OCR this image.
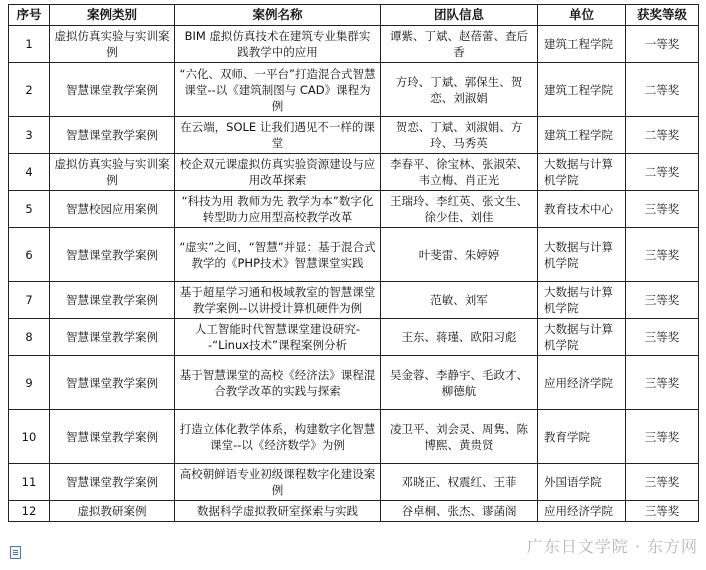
序号	案例类别	案例名称	团队信息	单位	获奖等级
1	虚拟仿真实验与实训案例	BIM 虚拟仿真技术在建筑专业集群实践教学中的应用	谭紫、丁斌、赵蓓蕾、查后香	建筑工程学院	一等奖
2	智慧课堂教学案例	“六化、双师、一平台”打造混合式智慧课堂--以《建筑制图与 CAD》课程为例	方玲、丁斌、郭保生、贺恋、刘淑娟	建筑工程学院	二等奖
3	智慧课堂教学案例	在云端，SOLE 让我们遇见不一样的课堂	贺恋、丁斌、刘淑娟、方玲、马秀英	建筑工程学院	二等奖
4	虚拟仿真实验与实训案例	校企双元课虚拟仿真实验资源建设与应用改革探索	李春平、徐宝林、张淑荣、韦立梅、肖正光	大数据与计算机学院	二等奖
5	智慧校园应用案例	“科技为用 教师为先 教学为本”数字化转型助力应用型高校教学改革	王瑞玲、李红英、张文生、徐少佳、刘佳	教育技术中心	三等奖
6	智慧课堂教学案例	“虚实”之间，“智慧”并显：基于混合式教学的《PHP技术》智慧课堂实践	叶斐雷、朱婷婷	大数据与计算机学院	三等奖
7	智慧课堂教学案例	基于超星学习通和极域教室的智慧课堂教学案例--以讲授计算机硬件为例	范敏、刘军	大数据与计算机学院	三等奖
8	智慧课堂教学案例	人工智能时代智慧课堂建设研究--“Linux技术”课程案例分析	王东、蒋瑾、欧阳习彪	大数据与计算机学院	三等奖
9	智慧课堂教学案例	基于智慧课堂的高校《经济法》课程混合教学改革的实践与探索	吴金蓉、李静宇、毛政才、柳德航	应用经济学院	三等奖
10	智慧课堂教学案例	打造立体化教学体系，构建数字化智慧课堂--以《经济数学》为例	凌卫平、刘会灵、周隽、陈博熙、黄贵贤	教育学院	三等奖
11	智慧课堂教学案例	高校朝鲜语专业初级课程数字化建设案例	邓晓正、权震红、王菲	外国语学院	三等奖
12	虚拟教研案例	数据科学虚拟教研室探索与实践	谷卓桐、张杰、谬菡阁	应用经济学院	三等奖
广东日文学院 · 东方网
